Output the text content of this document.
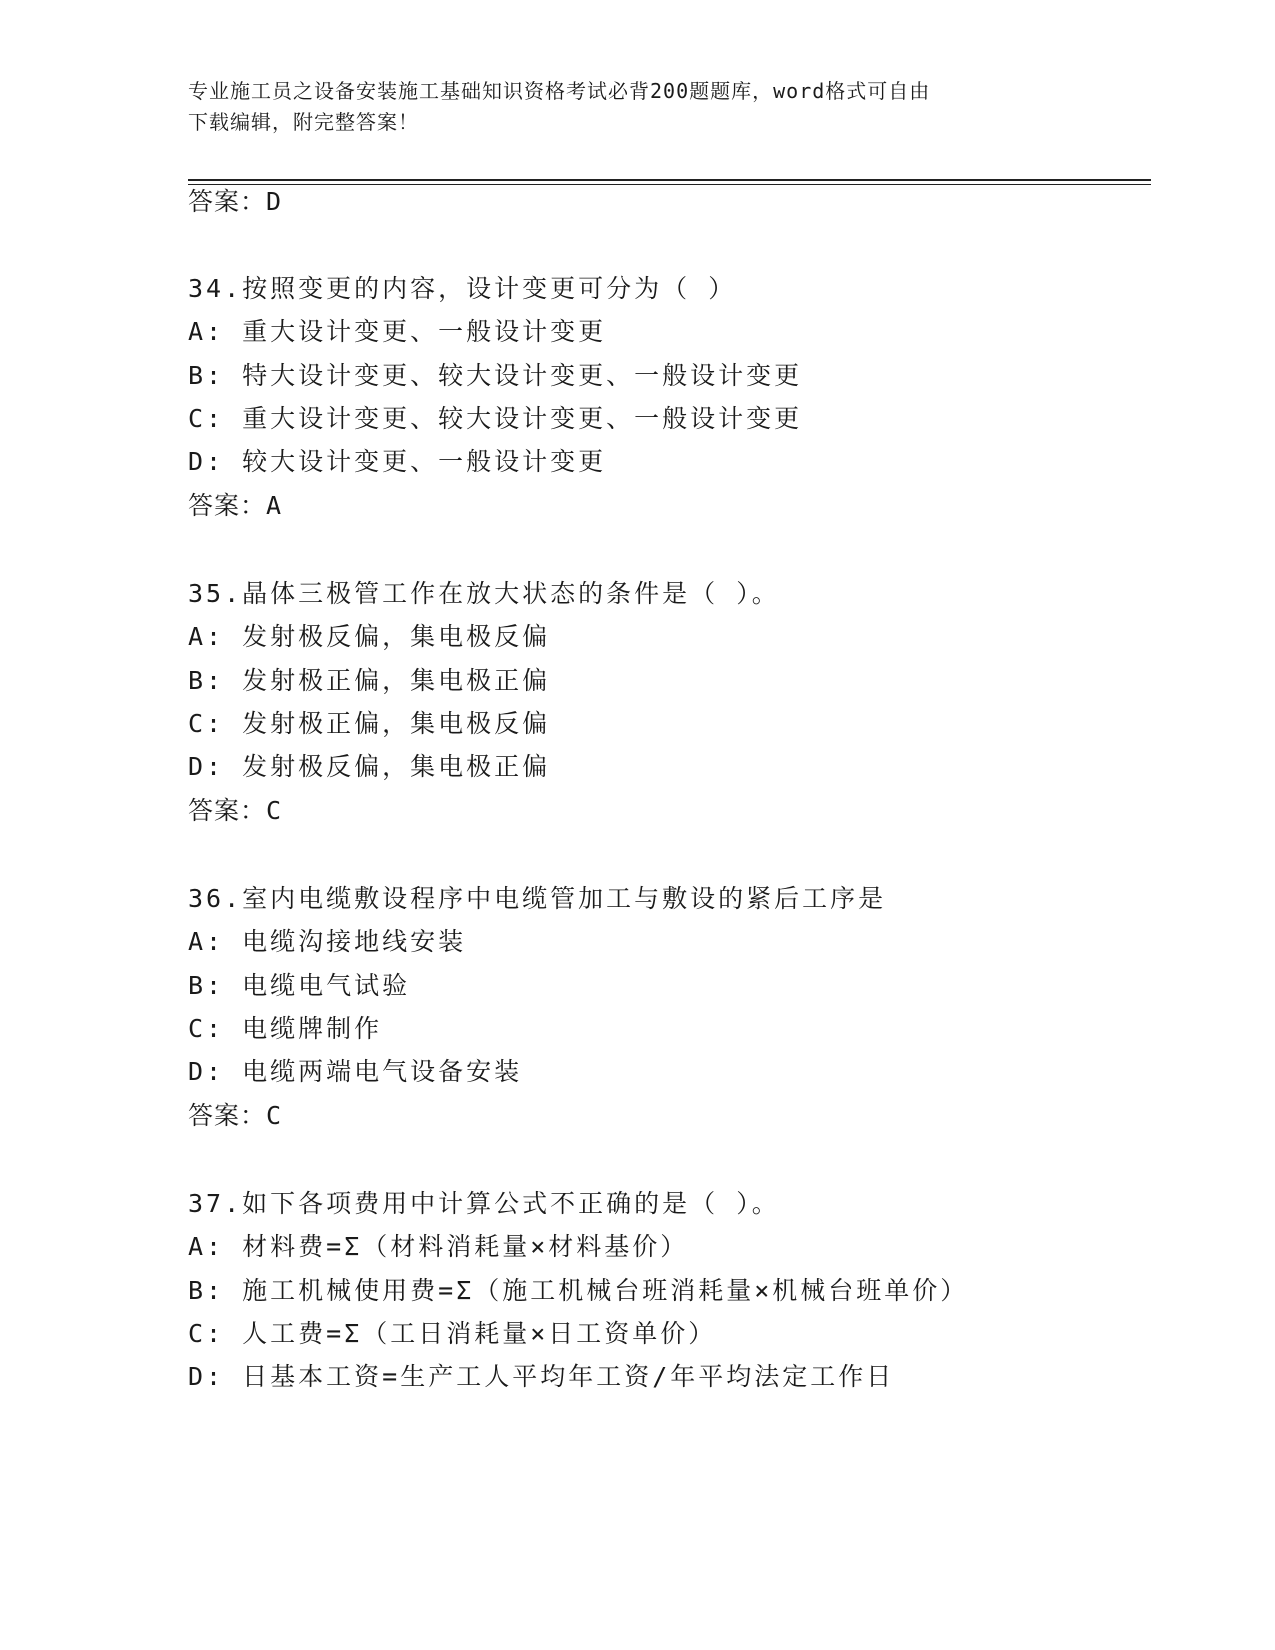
专业施工员之设备安装施工基础知识资格考试必背200题题库，word格式可自由
下载编辑，附完整答案！
答案：D
34.按照变更的内容，设计变更可分为（ ）
A: 重大设计变更、一般设计变更
B: 特大设计变更、较大设计变更、一般设计变更
C: 重大设计变更、较大设计变更、一般设计变更
D: 较大设计变更、一般设计变更
答案：A
35.晶体三极管工作在放大状态的条件是（ ）。
A: 发射极反偏，集电极反偏
B: 发射极正偏，集电极正偏
C: 发射极正偏，集电极反偏
D: 发射极反偏，集电极正偏
答案：C
36.室内电缆敷设程序中电缆管加工与敷设的紧后工序是
A: 电缆沟接地线安装
B: 电缆电气试验
C: 电缆牌制作
D: 电缆两端电气设备安装
答案：C
37.如下各项费用中计算公式不正确的是（ ）。
A: 材料费=Σ（材料消耗量×材料基价）
B: 施工机械使用费=Σ（施工机械台班消耗量×机械台班单价）
C: 人工费=Σ（工日消耗量×日工资单价）
D: 日基本工资=生产工人平均年工资/年平均法定工作日
